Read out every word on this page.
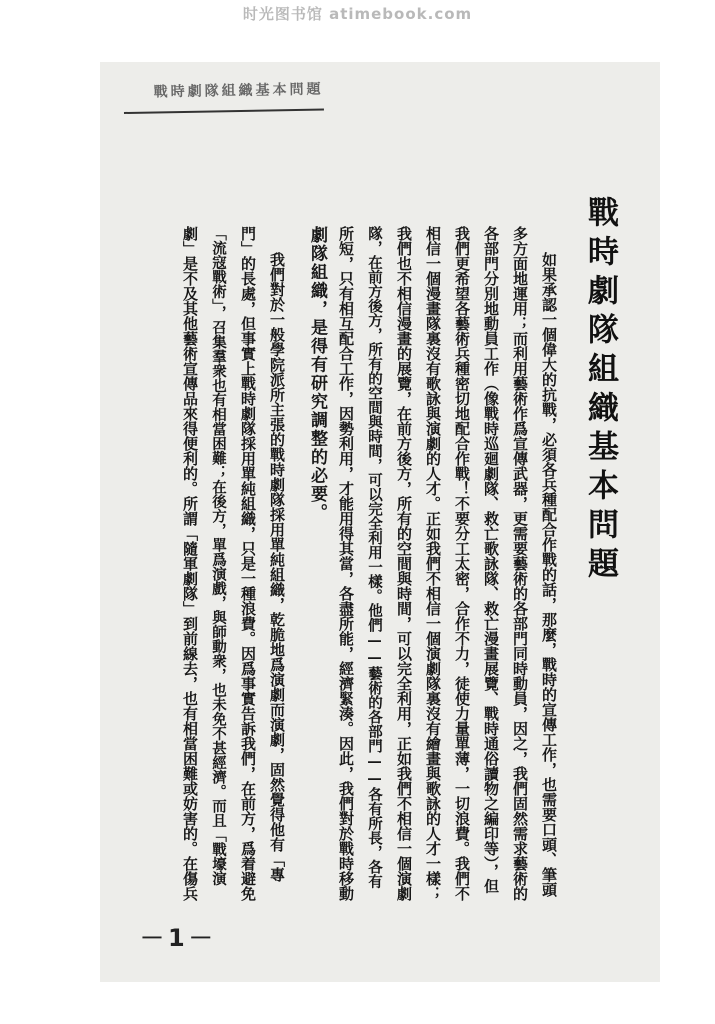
时光图书馆 atimebook.com
戰時劇隊組織基本問題
戰時劇隊組織基本問題
如果承認一個偉大的抗戰，必須各兵種配合作戰的話，那麼，戰時的宣傳工作，也需要口頭、筆頭
多方面地運用；而利用藝術作爲宣傳武器，更需要藝術的各部門同時動員，因之，我們固然需求藝術的
各部門分別地動員工作（像戰時巡廻劇隊、救亡歌詠隊、救亡漫畫展覽、戰時通俗讀物之編印等），但
我們更希望各藝術兵種密切地配合作戰！不要分工太密，合作不力，徒使力量單薄，一切浪費。我們不
相信一個漫畫隊裏沒有歌詠與演劇的人才。正如我們不相信一個演劇隊裏沒有繪畫與歌詠的人才一樣；
我們也不相信漫畫的展覽，在前方後方，所有的空間與時間，可以完全利用，正如我們不相信一個演劇
隊，在前方後方，所有的空間與時間，可以完全利用一樣。他們——藝術的各部門——各有所長，各有
所短，只有相互配合工作，因勢利用，才能用得其當，各盡所能，經濟緊湊。因此，我們對於戰時移動
劇隊組織，是得有研究調整的必要。
我們對於一般學院派所主張的戰時劇隊採用單純組織，乾脆地爲演劇而演劇，固然覺得他有「專
門」的長處，但事實上戰時劇隊採用單純組織，只是一種浪費。因爲事實告訴我們，在前方，爲着避免
「流寇戰術」，召集羣衆也有相當困難；在後方，單爲演戲，與師動衆，也未免不甚經濟。而且「戰壕演
劇」是不及其他藝術宣傳品來得便利的。所謂「隨軍劇隊」到前線去，也有相當困難或妨害的。在傷兵
－1－
